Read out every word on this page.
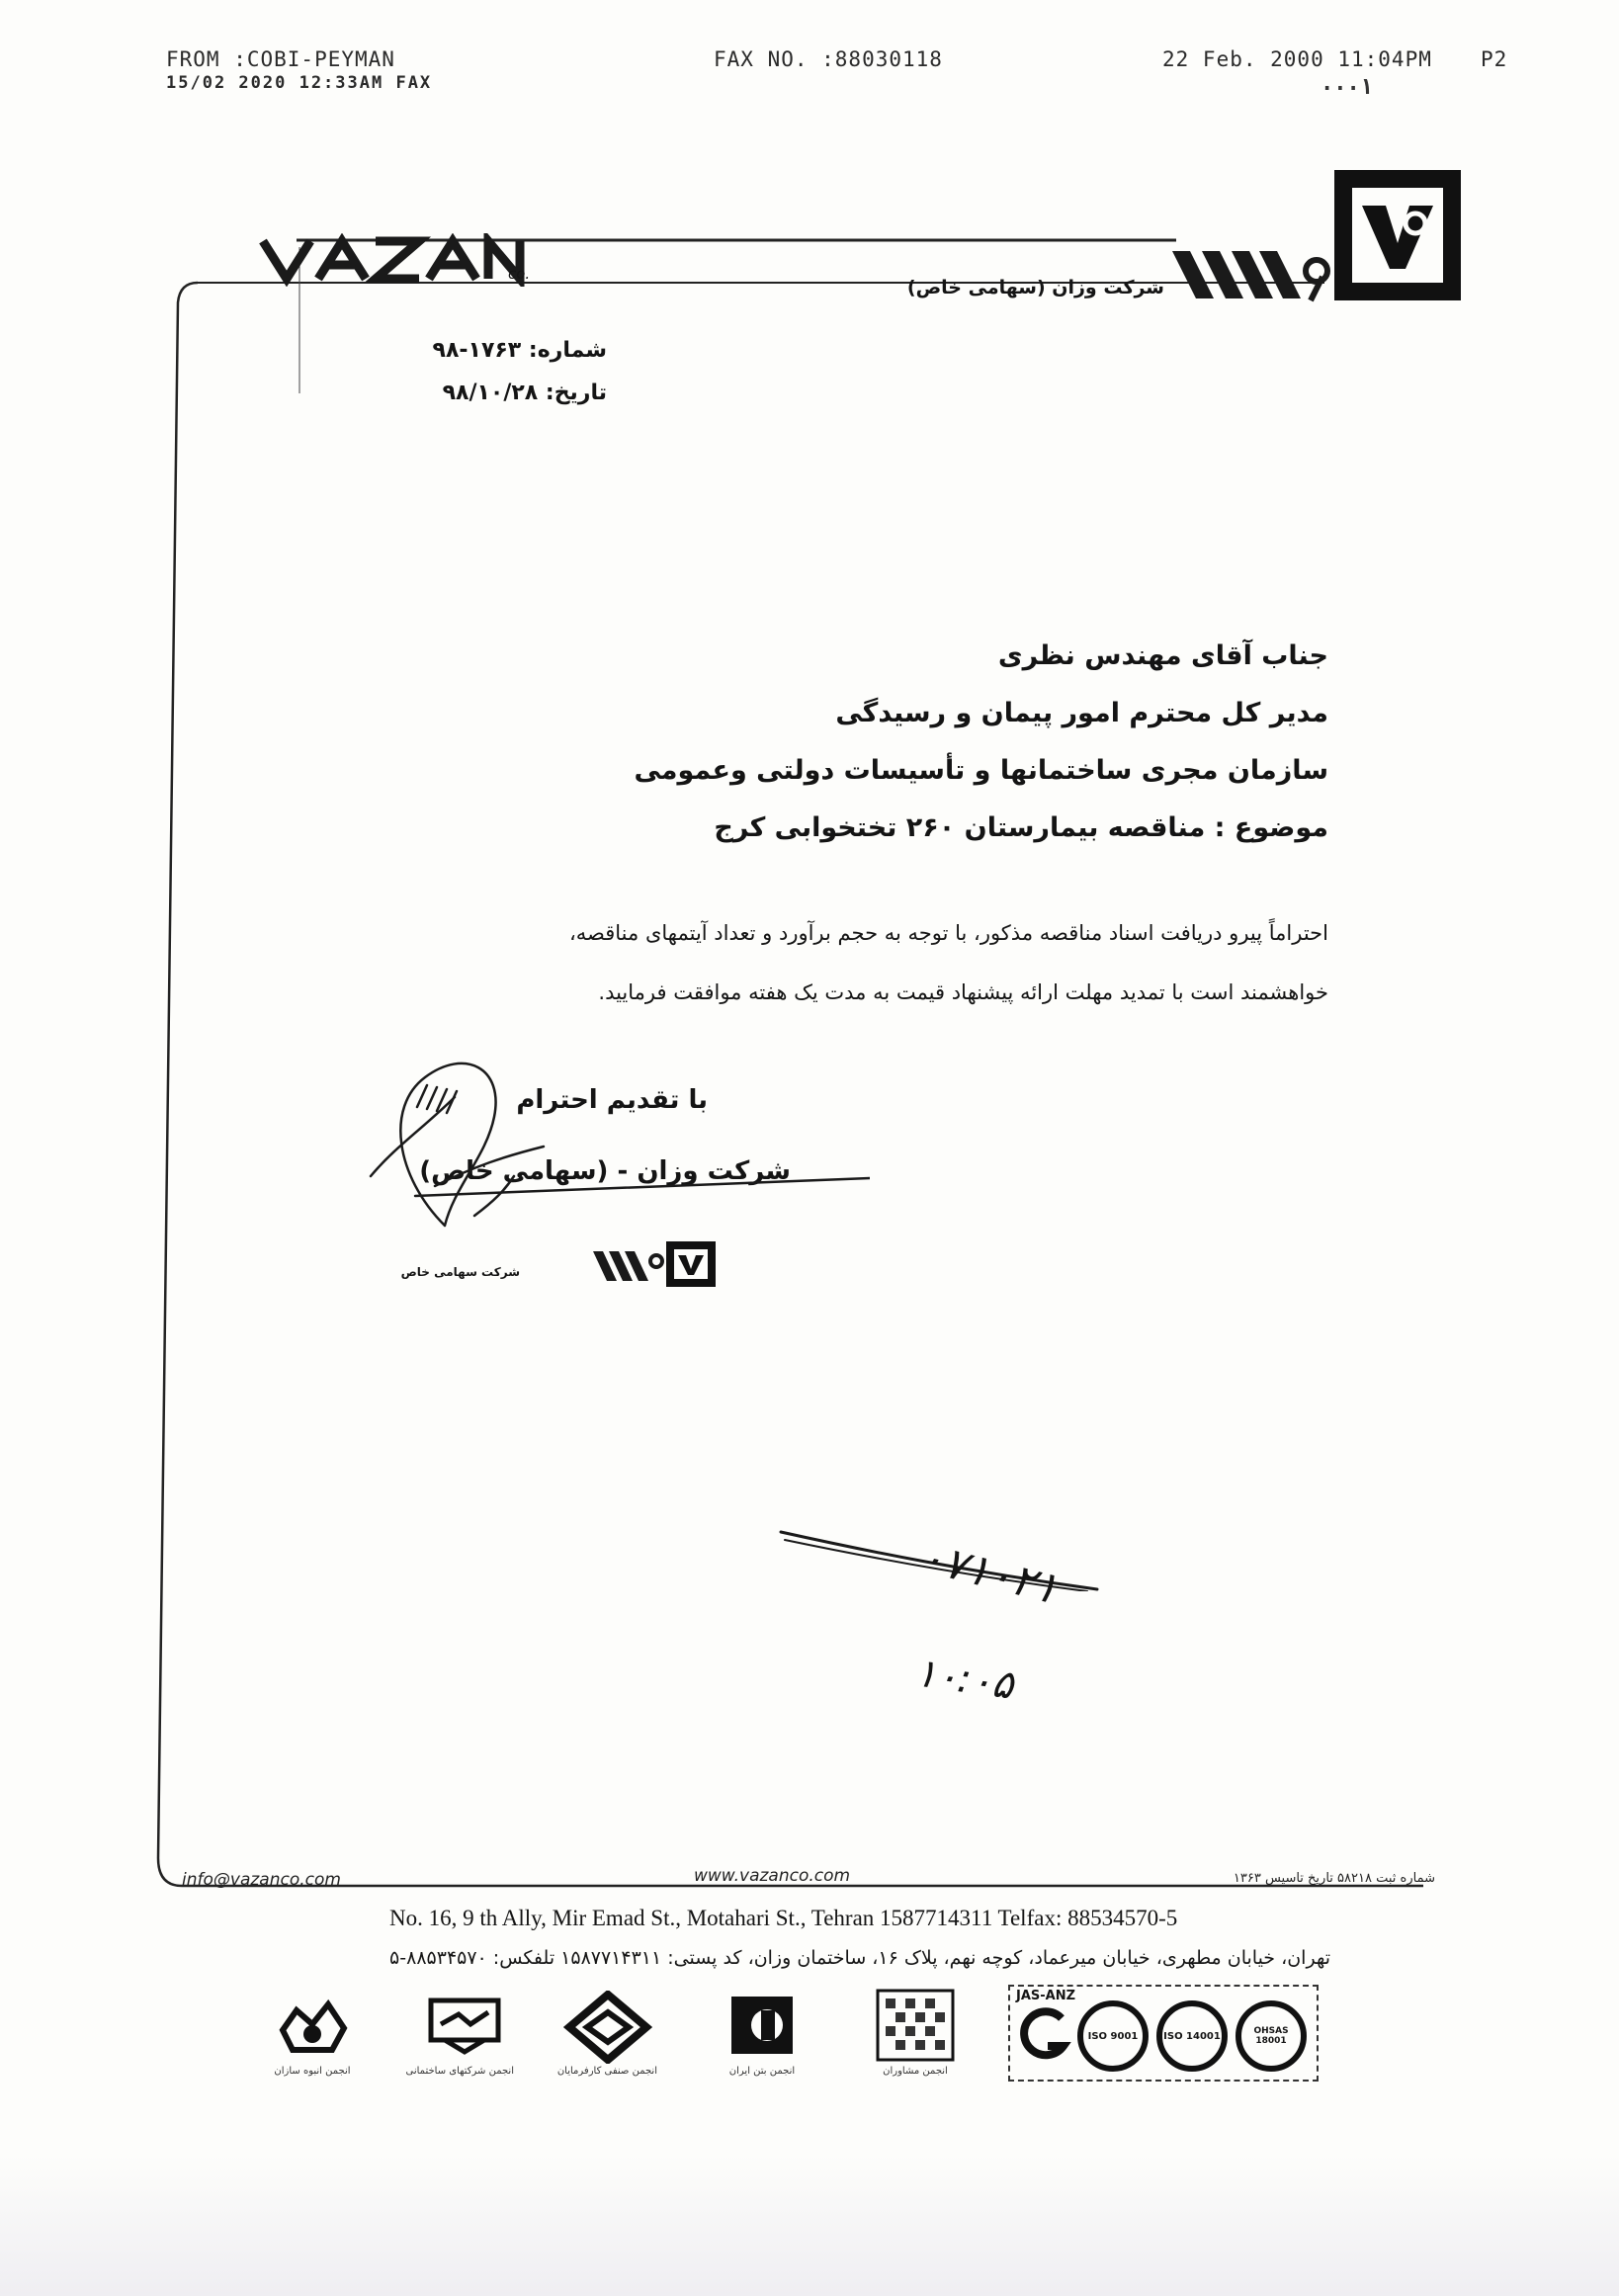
FROM :COBI-PEYMAN
15/02 2020 12:33AM FAX
FAX NO. :88030118	22 Feb. 2000 11:04PM P2
۰۰۰۱
co.
شرکت وزان (سهامی خاص)
شماره: ۱۷۶۳-۹۸
تاریخ: ۹۸/۱۰/۲۸
جناب آقای مهندس نظری
مدیر کل محترم امور پیمان و رسیدگی
سازمان مجری ساختمانها و تأسیسات دولتی وعمومی
موضوع : مناقصه بیمارستان ۲۶۰ تختخوابی کرج
احتراماً پیرو دریافت اسناد مناقصه مذکور، با توجه به حجم برآورد و تعداد آیتمهای مناقصه،
خواهشمند است با تمدید مهلت ارائه پیشنهاد قیمت به مدت یک هفته موافقت فرمایید.
با تقدیم احترام
شرکت وزان - (سهامی خاص)
شرکت سهامی خاص
۰۷۱۰۲۱
۱۰:۰۵
info@vazanco.com	www.vazanco.com	شماره ثبت ۵۸۲۱۸ تاریخ تاسیس ۱۳۶۳
No. 16, 9 th Ally, Mir Emad St., Motahari St., Tehran 1587714311 Telfax: 88534570-5
تهران، خیابان مطهری، خیابان میرعماد، کوچه نهم، پلاک ۱۶، ساختمان وزان، کد پستی: ۱۵۸۷۷۱۴۳۱۱ تلفکس: ۸۸۵۳۴۵۷۰-۵
انجمن انبوه سازان	انجمن شرکتهای ساختمانی	انجمن صنفی کارفرمایان	انجمن بتن ایران	انجمن مشاوران
JAS-ANZ
ISO 9001	ISO 14001	OHSAS 18001
